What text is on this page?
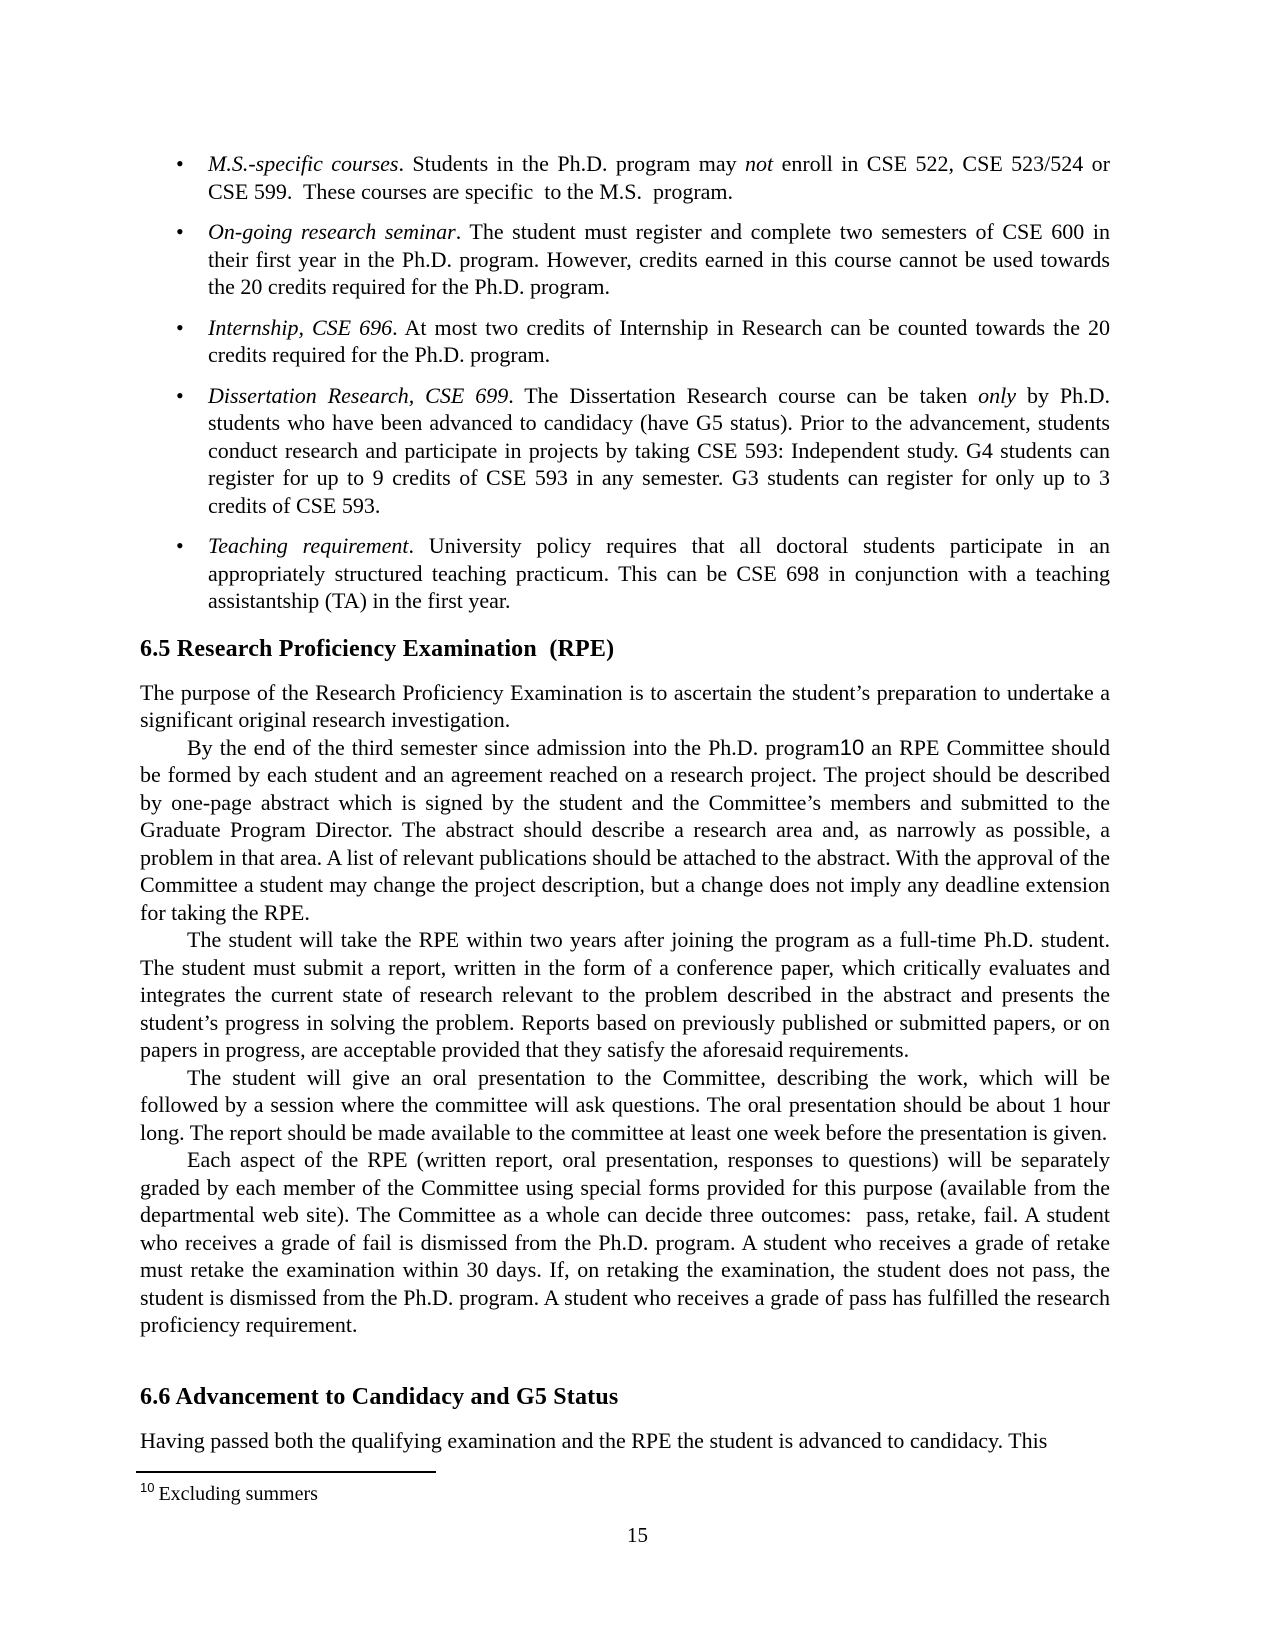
• M.S.-specific courses. Students in the Ph.D. program may not enroll in CSE 522, CSE 523/524 or CSE 599.  These courses are specific  to the M.S.  program.
• On-going research seminar. The student must register and complete two semesters of CSE 600 in their first year in the Ph.D. program. However, credits earned in this course cannot be used towards the 20 credits required for the Ph.D. program.
• Internship, CSE 696. At most two credits of Internship in Research can be counted towards the 20 credits required for the Ph.D. program.
• Dissertation Research, CSE 699. The Dissertation Research course can be taken only by Ph.D. students who have been advanced to candidacy (have G5 status). Prior to the advancement, students conduct research and participate in projects by taking CSE 593: Independent study. G4 students can register for up to 9 credits of CSE 593 in any semester. G3 students can register for only up to 3 credits of CSE 593.
• Teaching requirement. University policy requires that all doctoral students participate in an appropriately structured teaching practicum. This can be CSE 698 in conjunction with a teaching assistantship (TA) in the first year.
6.5 Research Proficiency Examination  (RPE)

The purpose of the Research Proficiency Examination is to ascertain the student’s preparation to undertake a significant original research investigation.

By the end of the third semester since admission into the Ph.D. program10 an RPE Committee should be formed by each student and an agreement reached on a research project. The project should be described by one-page abstract which is signed by the student and the Committee’s members and submitted to the Graduate Program Director. The abstract should describe a research area and, as narrowly as possible, a problem in that area. A list of relevant publications should be attached to the abstract. With the approval of the Committee a student may change the project description, but a change does not imply any deadline extension for taking the RPE.

The student will take the RPE within two years after joining the program as a full-time Ph.D. student. The student must submit a report, written in the form of a conference paper, which critically evaluates and integrates the current state of research relevant to the problem described in the abstract and presents the student’s progress in solving the problem. Reports based on previously published or submitted papers, or on papers in progress, are acceptable provided that they satisfy the aforesaid requirements.

The student will give an oral presentation to the Committee, describing the work, which will be followed by a session where the committee will ask questions. The oral presentation should be about 1 hour long. The report should be made available to the committee at least one week before the presentation is given.

Each aspect of the RPE (written report, oral presentation, responses to questions) will be separately graded by each member of the Committee using special forms provided for this purpose (available from the departmental web site). The Committee as a whole can decide three outcomes:  pass, retake, fail. A student who receives a grade of fail is dismissed from the Ph.D. program. A student who receives a grade of retake must retake the examination within 30 days. If, on retaking the examination, the student does not pass, the student is dismissed from the Ph.D. program. A student who receives a grade of pass has fulfilled the research proficiency requirement.

6.6 Advancement to Candidacy and G5 Status

Having passed both the qualifying examination and the RPE the student is advanced to candidacy. This

$^{10}$ Excluding summers
15
